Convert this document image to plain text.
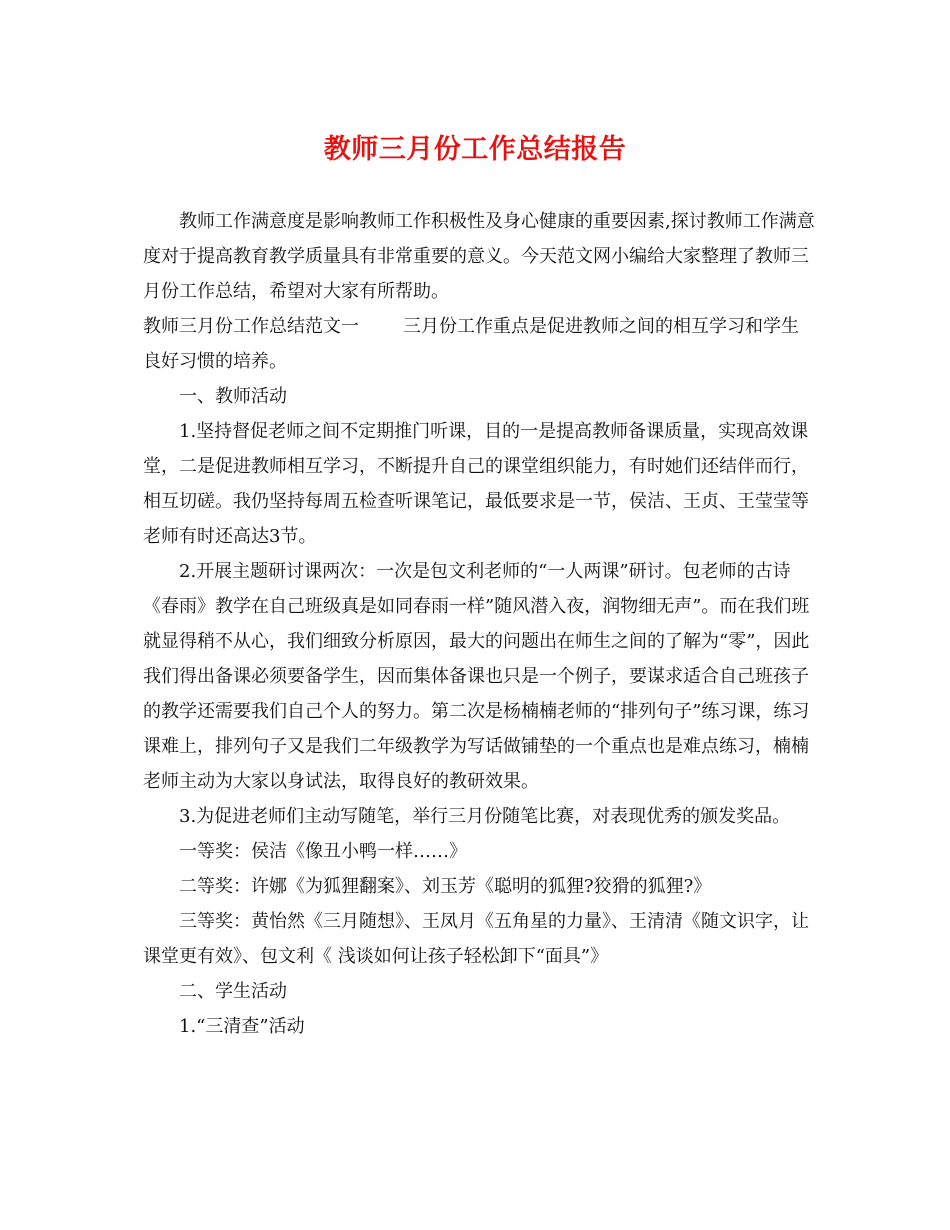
教师三月份工作总结报告

教师工作满意度是影响教师工作积极性及身心健康的重要因素,探讨教师工作满意度对于提高教育教学质量具有非常重要的意义。今天范文网小编给大家整理了教师三月份工作总结，希望对大家有所帮助。

教师三月份工作总结范文一 三月份工作重点是促进教师之间的相互学习和学生良好习惯的培养。

一、教师活动

1.坚持督促老师之间不定期推门听课，目的一是提高教师备课质量，实现高效课堂，二是促进教师相互学习，不断提升自己的课堂组织能力，有时她们还结伴而行，相互切磋。我仍坚持每周五检查听课笔记，最低要求是一节，侯洁、王贞、王莹莹等老师有时还高达3节。

2.开展主题研讨课两次：一次是包文利老师的“一人两课”研讨。包老师的古诗《春雨》教学在自己班级真是如同春雨一样”随风潜入夜，润物细无声”。而在我们班就显得稍不从心，我们细致分析原因，最大的问题出在师生之间的了解为“零”，因此我们得出备课必须要备学生，因而集体备课也只是一个例子，要谋求适合自己班孩子的教学还需要我们自己个人的努力。第二次是杨楠楠老师的“排列句子”练习课，练习课难上，排列句子又是我们二年级教学为写话做铺垫的一个重点也是难点练习，楠楠老师主动为大家以身试法，取得良好的教研效果。

3.为促进老师们主动写随笔，举行三月份随笔比赛，对表现优秀的颁发奖品。

一等奖：侯洁《像丑小鸭一样……》

二等奖：许娜《为狐狸翻案》、刘玉芳《聪明的狐狸?狡猾的狐狸?》

三等奖：黄怡然《三月随想》、王凤月《五角星的力量》、王清清《随文识字，让课堂更有效》、包文利《 浅谈如何让孩子轻松卸下“面具”》

二、学生活动

1.“三清查”活动
